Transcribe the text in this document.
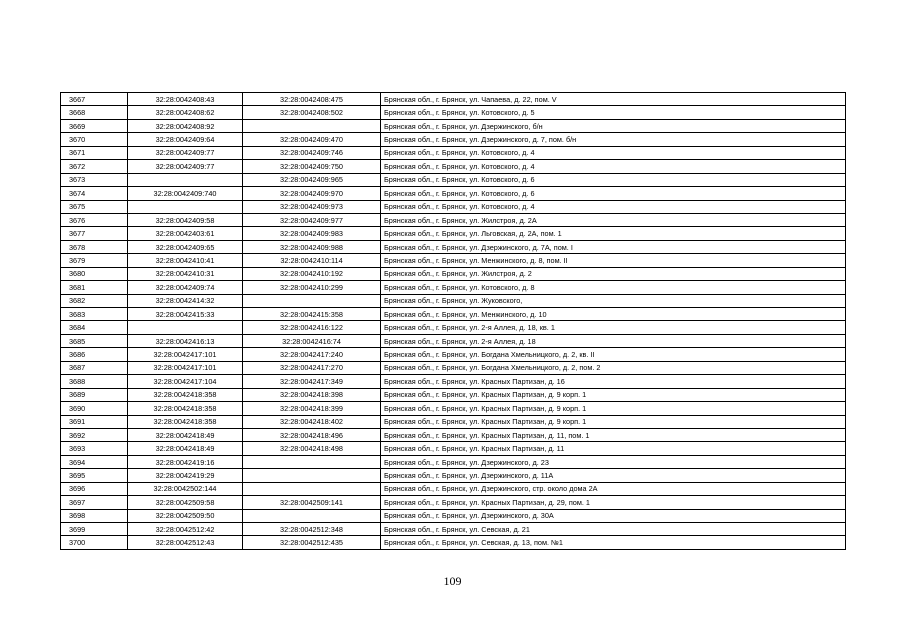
3667	32:28:0042408:43	32:28:0042408:475	Брянская обл., г. Брянск, ул. Чапаева, д. 22, пом. V
3668	32:28:0042408:62	32:28:0042408:502	Брянская обл., г. Брянск, ул. Котовского, д. 5
3669	32:28:0042408:92		Брянская обл., г. Брянск, ул. Дзержинского, б/н
3670	32:28:0042409:64	32:28:0042409:470	Брянская обл., г. Брянск, ул. Дзержинского, д. 7, пом. б/н
3671	32:28:0042409:77	32:28:0042409:746	Брянская обл., г. Брянск, ул. Котовского, д. 4
3672	32:28:0042409:77	32:28:0042409:750	Брянская обл., г. Брянск, ул. Котовского, д. 4
3673		32:28:0042409:965	Брянская обл., г. Брянск, ул. Котовского, д. 6
3674	32:28:0042409:740	32:28:0042409:970	Брянская обл., г. Брянск, ул. Котовского, д. 6
3675		32:28:0042409:973	Брянская обл., г. Брянск, ул. Котовского, д. 4
3676	32:28:0042409:58	32:28:0042409:977	Брянская обл., г. Брянск, ул. Жилстроя, д. 2А
3677	32:28:0042403:61	32:28:0042409:983	Брянская обл., г. Брянск, ул. Льговская, д. 2А, пом. 1
3678	32:28:0042409:65	32:28:0042409:988	Брянская обл., г. Брянск, ул. Дзержинского, д. 7А, пом. I
3679	32:28:0042410:41	32:28:0042410:114	Брянская обл., г. Брянск, ул. Менжинского, д. 8, пом. II
3680	32:28:0042410:31	32:28:0042410:192	Брянская обл., г. Брянск, ул. Жилстроя, д. 2
3681	32:28:0042409:74	32:28:0042410:299	Брянская обл., г. Брянск, ул. Котовского, д. 8
3682	32:28:0042414:32		Брянская обл., г. Брянск, ул. Жуковского,
3683	32:28:0042415:33	32:28:0042415:358	Брянская обл., г. Брянск, ул. Менжинского, д. 10
3684		32:28:0042416:122	Брянская обл., г. Брянск, ул. 2-я Аллея, д. 18, кв. 1
3685	32:28:0042416:13	32:28:0042416:74	Брянская обл., г. Брянск, ул. 2-я Аллея, д. 18
3686	32:28:0042417:101	32:28:0042417:240	Брянская обл., г. Брянск, ул. Богдана Хмельницкого, д. 2, кв. II
3687	32:28:0042417:101	32:28:0042417:270	Брянская обл., г. Брянск, ул. Богдана Хмельницкого, д. 2, пом. 2
3688	32:28:0042417:104	32:28:0042417:349	Брянская обл., г. Брянск, ул. Красных Партизан, д. 16
3689	32:28:0042418:358	32:28:0042418:398	Брянская обл., г. Брянск, ул. Красных Партизан, д. 9 корп. 1
3690	32:28:0042418:358	32:28:0042418:399	Брянская обл., г. Брянск, ул. Красных Партизан, д. 9 корп. 1
3691	32:28:0042418:358	32:28:0042418:402	Брянская обл., г. Брянск, ул. Красных Партизан, д. 9 корп. 1
3692	32:28:0042418:49	32:28:0042418:496	Брянская обл., г. Брянск, ул. Красных Партизан, д. 11, пом. 1
3693	32:28:0042418:49	32:28:0042418:498	Брянская обл., г. Брянск, ул. Красных Партизан, д. 11
3694	32:28:0042419:16		Брянская обл., г. Брянск, ул. Дзержинского, д. 23
3695	32:28:0042419:29		Брянская обл., г. Брянск, ул. Дзержинского, д. 11А
3696	32:28:0042502:144		Брянская обл., г. Брянск, ул. Дзержинского, стр. около дома 2А
3697	32:28:0042509:58	32:28:0042509:141	Брянская обл., г. Брянск, ул. Красных Партизан, д. 29, пом. 1
3698	32:28:0042509:50		Брянская обл., г. Брянск, ул. Дзержинского, д. 30А
3699	32:28:0042512:42	32:28:0042512:348	Брянская обл., г. Брянск, ул. Севская, д. 21
3700	32:28:0042512:43	32:28:0042512:435	Брянская обл., г. Брянск, ул. Севская, д. 13, пом. №1
109
